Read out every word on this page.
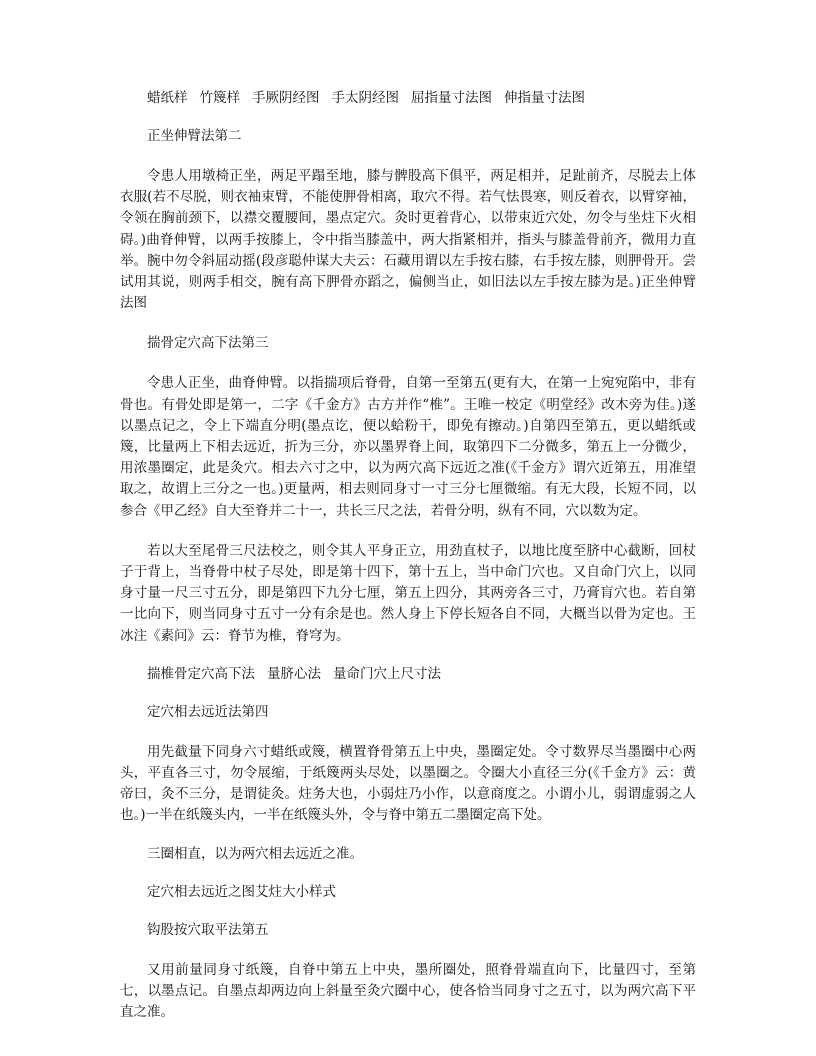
蜡纸样 竹篾样 手厥阴经图 手太阴经图 屈指量寸法图 伸指量寸法图

正坐伸臂法第二

令患人用墩椅正坐，两足平蹋至地，膝与髀股高下俱平，两足相并，足趾前齐，尽脱去上体衣服(若不尽脱，则衣袖束臂，不能使胛骨相离，取穴不得。若气怯畏寒，则反着衣，以臂穿袖，令领在胸前颈下，以襟交覆腰间，墨点定穴。灸时更着背心，以带束近穴处，勿令与坐炷下火相碍。)曲脊伸臂，以两手按膝上，令中指当膝盖中，两大指紧相并，指头与膝盖骨前齐，微用力直举。腕中勿令斜屈动摇(段彦聪仲谋大夫云：石藏用谓以左手按右膝，右手按左膝，则胛骨开。尝试用其说，则两手相交，腕有高下胛骨亦蹈之，偏侧当止，如旧法以左手按左膝为是。)正坐伸臂法图

揣骨定穴高下法第三

令患人正坐，曲脊伸臂。以指揣项后脊骨，自第一至第五(更有大，在第一上宛宛陷中，非有骨也。有骨处即是第一，二字《千金方》古方并作“椎”。王唯一校定《明堂经》改木旁为佳。)遂以墨点记之，令上下端直分明(墨点讫，便以蛤粉干，即免有擦动。)自第四至第五，更以蜡纸或篾，比量两上下相去远近，折为三分，亦以墨界脊上间，取第四下二分微多，第五上一分微少，用浓墨圈定，此是灸穴。相去六寸之中，以为两穴高下远近之准(《千金方》谓穴近第五，用准望取之，故谓上三分之一也。)更量两，相去则同身寸一寸三分七厘微缩。有无大段，长短不同，以参合《甲乙经》自大至脊并二十一，共长三尺之法，若骨分明，纵有不同，穴以数为定。

若以大至尾骨三尺法校之，则令其人平身正立，用劲直杖子，以地比度至脐中心截断，回杖子于背上，当脊骨中杖子尽处，即是第十四下，第十五上，当中命门穴也。又自命门穴上，以同身寸量一尺三寸五分，即是第四下九分七厘，第五上四分，其两旁各三寸，乃膏肓穴也。若自第一比向下，则当同身寸五寸一分有余是也。然人身上下停长短各自不同，大概当以骨为定也。王冰注《素问》云：脊节为椎，脊穹为。

揣椎骨定穴高下法 量脐心法 量命门穴上尺寸法

定穴相去远近法第四

用先截量下同身六寸蜡纸或篾，横置脊骨第五上中央，墨圈定处。令寸数界尽当墨圈中心两头，平直各三寸，勿令展缩，于纸篾两头尽处，以墨圈之。令圈大小直径三分(《千金方》云：黄帝曰，灸不三分，是谓徒灸。炷务大也，小弱炷乃小作，以意商度之。小谓小儿，弱谓虚弱之人也。)一半在纸篾头内，一半在纸篾头外，令与脊中第五二墨圈定高下处。

三圈相直，以为两穴相去远近之准。

定穴相去远近之图艾炷大小样式

钩股按穴取平法第五

又用前量同身寸纸篾，自脊中第五上中央，墨所圈处，照脊骨端直向下，比量四寸，至第七，以墨点记。自墨点却两边向上斜量至灸穴圈中心，使各恰当同身寸之五寸，以为两穴高下平直之准。
